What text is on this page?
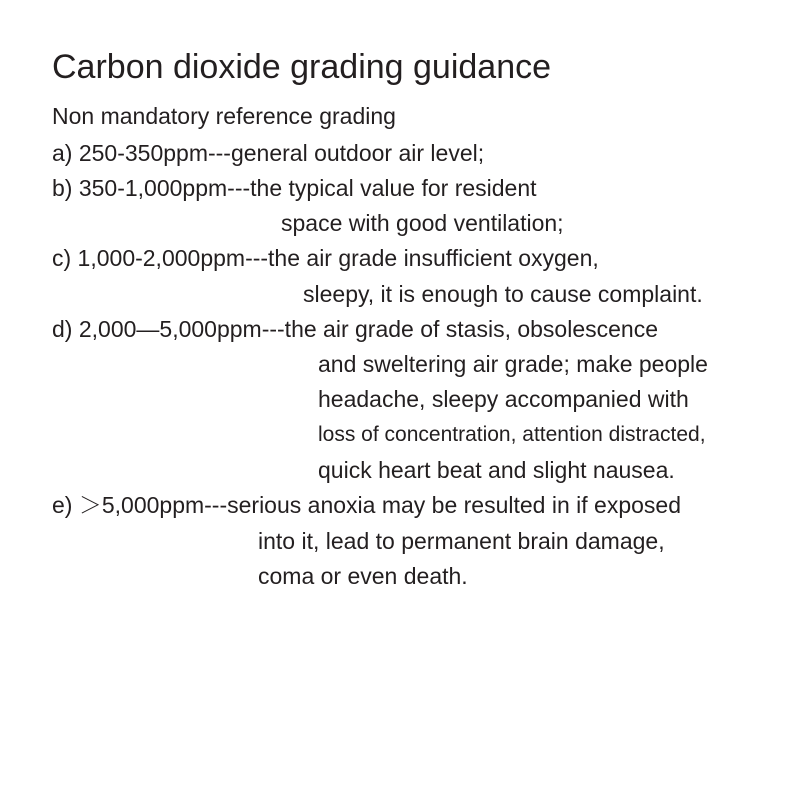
Carbon dioxide grading guidance
Non mandatory reference grading
a) 250-350ppm---general outdoor air level;
b) 350-1,000ppm---the typical value for resident
space with good ventilation;
c) 1,000-2,000ppm---the air grade insufficient oxygen,
sleepy, it is enough to cause complaint.
d) 2,000—5,000ppm---the air grade of stasis, obsolescence
and sweltering air grade; make people
headache, sleepy accompanied with
loss of concentration, attention distracted,
quick heart beat and slight nausea.
e) ＞5,000ppm---serious anoxia may be resulted in if exposed
into it, lead to permanent brain damage,
coma or even death.
